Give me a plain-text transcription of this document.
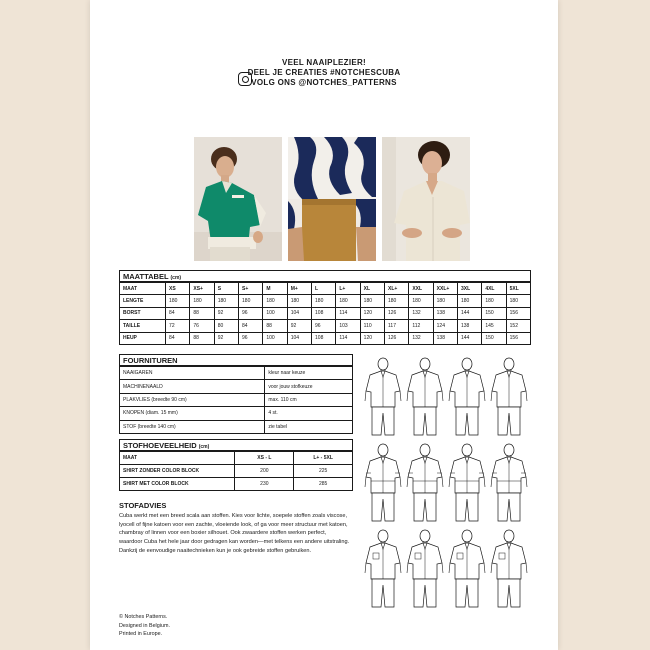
VEEL NAAIPLEZIER!
DEEL JE CREATIES #NOTCHESCUBA
VOLG ONS @NOTCHES_PATTERNS
MAATTABEL (cm)
MAAT	XS	XS+	S	S+	M	M+	L	L+	XL	XL+	XXL	XXL+	3XL	4XL	5XL
LENGTE	180	180	180	180	180	180	180	180	180	180	180	180	180	180	180
BORST	84	88	92	96	100	104	108	114	120	126	132	138	144	150	156
TAILLE	72	76	80	84	88	92	96	103	110	117	112	124	138	145	152
HEUP	84	88	92	96	100	104	108	114	120	126	132	138	144	150	156
FOURNITUREN
NAAIGAREN	kleur naar keuze
MACHINENAALD	voor jouw stofkeuze
PLAKVLIES (breedte 90 cm)	max. 110 cm
KNOPEN (diam. 15 mm)	4 st.
STOF (breedte 140 cm)	zie tabel
STOFHOEVEELHEID (cm)
MAAT	XS - L	L+ - 5XL
SHIRT ZONDER COLOR BLOCK	200	225
SHIRT MET COLOR BLOCK	230	285
STOFADVIES

Cuba werkt met een breed scala aan stoffen. Kies voor lichte, soepele stoffen zoals viscose, lyocell of fijne katoen voor een zachte, vloeiende look, of ga voor meer structuur met katoen, chambray of linnen voor een boxier silhouet. Ook zwaardere stoffen werken perfect, waardoor Cuba het hele jaar door gedragen kan worden—met telkens een andere uitstraling. Dankzij de eenvoudige naaitechnieken kun je ook gebreide stoffen gebruiken.

© Notches Patterns.
Designed in Belgium.
Printed in Europe.
